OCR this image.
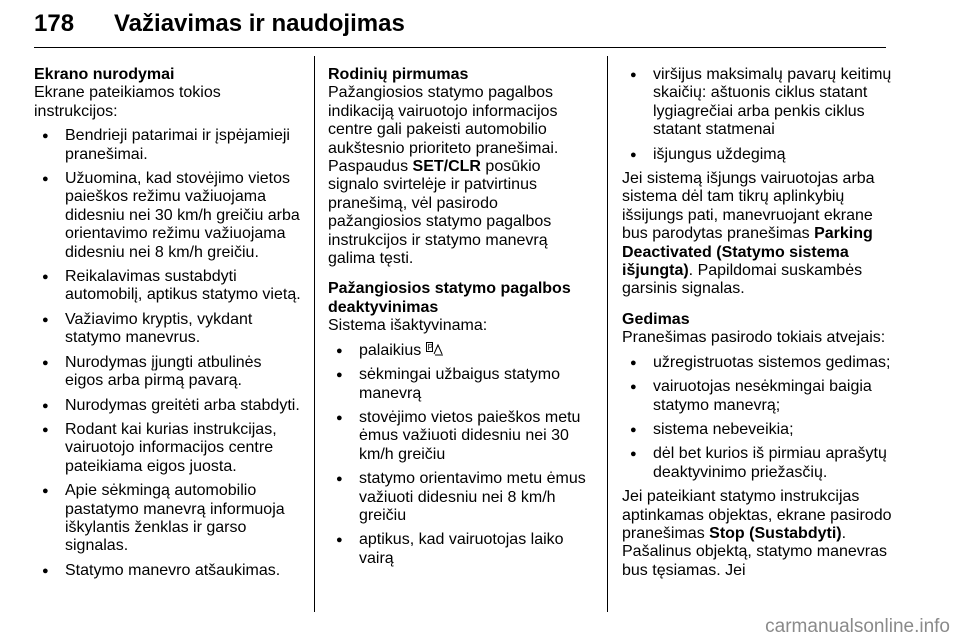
178 Važiavimas ir naudojimas

Ekrano nurodymai

Ekrane pateikiamos tokios instrukcijos:

● Bendrieji patarimai ir įspėjamieji pranešimai.
● Užuomina, kad stovėjimo vietos paieškos režimu važiuojama didesniu nei 30 km/h greičiu arba orientavimo režimu važiuojama didesniu nei 8 km/h greičiu.
● Reikalavimas sustabdyti automobilį, aptikus statymo vietą.
● Važiavimo kryptis, vykdant statymo manevrus.
● Nurodymas įjungti atbulinės eigos arba pirmą pavarą.
● Nurodymas greitėti arba stabdyti.
● Rodant kai kurias instrukcijas, vairuotojo informacijos centre pateikiama eigos juosta.
● Apie sėkmingą automobilio pastatymo manevrą informuoja iškylantis ženklas ir garso signalas.
● Statymo manevro atšaukimas.

Rodinių pirmumas

Pažangiosios statymo pagalbos indikaciją vairuotojo informacijos centre gali pakeisti automobilio aukštesnio prioriteto pranešimai. Paspaudus SET/CLR posūkio signalo svirtelėje ir patvirtinus pranešimą, vėl pasirodo pažangiosios statymo pagalbos instrukcijos ir statymo manevrą galima tęsti.

Pažangiosios statymo pagalbos deaktyvinimas

Sistema išaktyvinama:

● palaikius P
● sėkmingai užbaigus statymo manevrą
● stovėjimo vietos paieškos metu ėmus važiuoti didesniu nei 30 km/h greičiu
● statymo orientavimo metu ėmus važiuoti didesniu nei 8 km/h greičiu
● aptikus, kad vairuotojas laiko vairą
● viršijus maksimalų pavarų keitimų skaičių: aštuonis ciklus statant lygiagrečiai arba penkis ciklus statant statmenai
● išjungus uždegimą

Jei sistemą išjungs vairuotojas arba sistema dėl tam tikrų aplinkybių išsijungs pati, manevruojant ekrane bus parodytas pranešimas Parking Deactivated (Statymo sistema išjungta). Papildomai suskambės garsinis signalas.

Gedimas

Pranešimas pasirodo tokiais atvejais:

● užregistruotas sistemos gedimas;
● vairuotojas nesėkmingai baigia statymo manevrą;
● sistema nebeveikia;
● dėl bet kurios iš pirmiau aprašytų deaktyvinimo priežasčių.

Jei pateikiant statymo instrukcijas aptinkamas objektas, ekrane pasirodo pranešimas Stop (Sustabdyti). Pašalinus objektą, statymo manevras bus tęsiamas. Jei

carmanualsonline.info
